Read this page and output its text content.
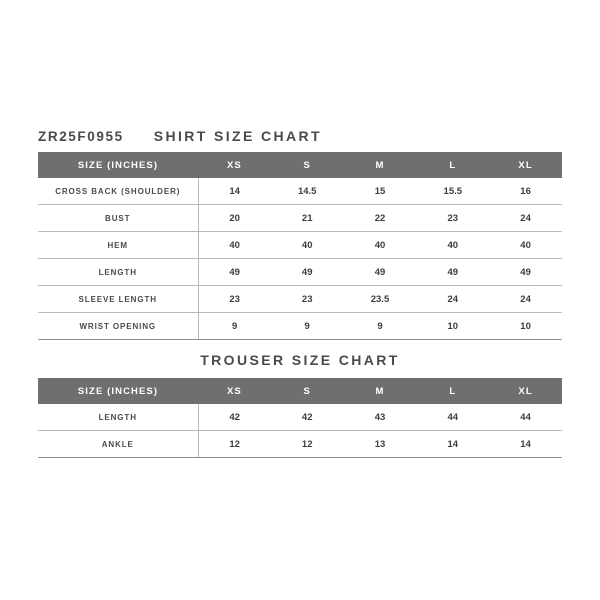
ZR25F0955 SHIRT SIZE CHART
SIZE (INCHES)	XS	S	M	L	XL
CROSS BACK (SHOULDER)	14	14.5	15	15.5	16
BUST	20	21	22	23	24
HEM	40	40	40	40	40
LENGTH	49	49	49	49	49
SLEEVE LENGTH	23	23	23.5	24	24
WRIST OPENING	9	9	9	10	10
TROUSER SIZE CHART
SIZE (INCHES)	XS	S	M	L	XL
LENGTH	42	42	43	44	44
ANKLE	12	12	13	14	14
